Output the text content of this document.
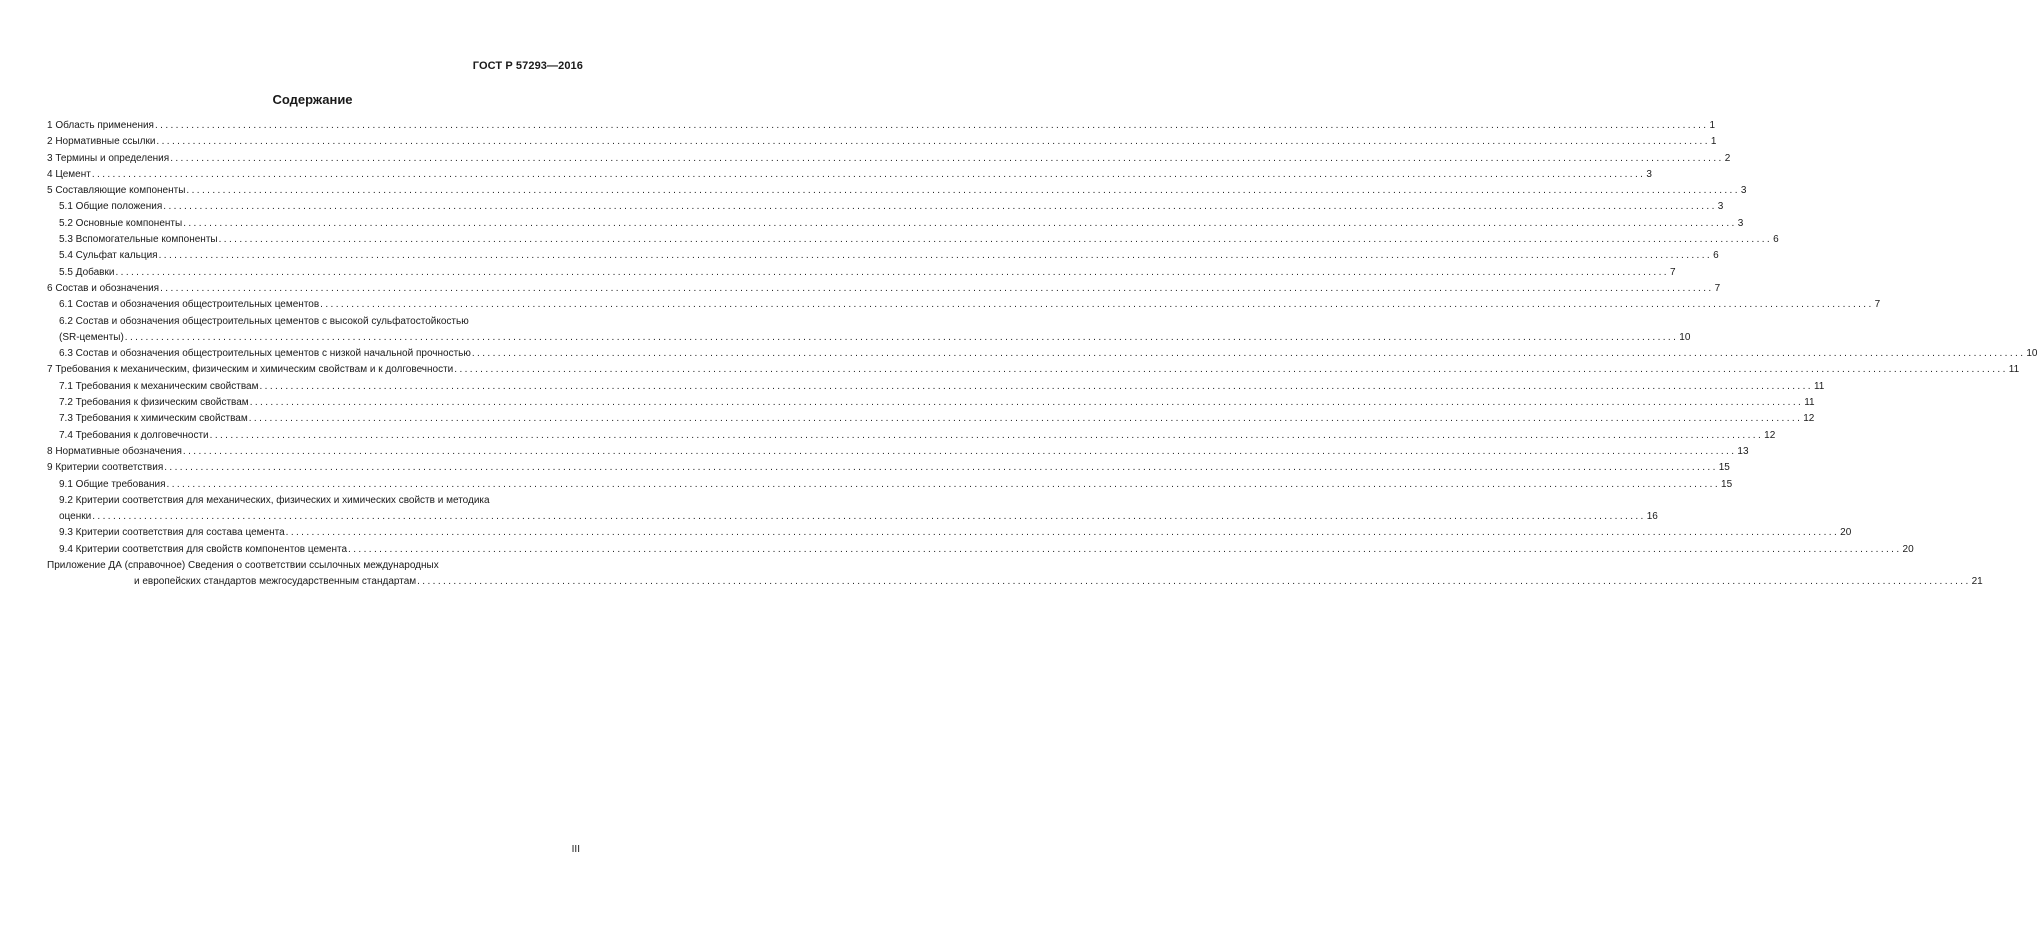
ГОСТ Р 57293—2016
Содержание
1 Область применения ............................................................................................................................................................................................................................................................................................................ 1
2 Нормативные ссылки ............................................................................................................................................................................................................................................................................................................ 1
3 Термины и определения ............................................................................................................................................................................................................................................................................................................ 2
4 Цемент ............................................................................................................................................................................................................................................................................................................ 3
5 Составляющие компоненты ............................................................................................................................................................................................................................................................................................................ 3
5.1 Общие положения ............................................................................................................................................................................................................................................................................................................ 3
5.2 Основные компоненты ............................................................................................................................................................................................................................................................................................................ 3
5.3 Вспомогательные компоненты ............................................................................................................................................................................................................................................................................................................ 6
5.4 Сульфат кальция ............................................................................................................................................................................................................................................................................................................ 6
5.5 Добавки ............................................................................................................................................................................................................................................................................................................ 7
6 Состав и обозначения ............................................................................................................................................................................................................................................................................................................ 7
6.1 Состав и обозначения общестроительных цементов ............................................................................................................................................................................................................................................................................................................ 7
6.2 Состав и обозначения общестроительных цементов с высокой сульфатостойкостью
(SR-цементы) ............................................................................................................................................................................................................................................................................................................ 10
6.3 Состав и обозначения общестроительных цементов с низкой начальной прочностью ............................................................................................................................................................................................................................................................................................................ 10
7 Требования к механическим, физическим и химическим свойствам и к долговечности ............................................................................................................................................................................................................................................................................................................ 11
7.1 Требования к механическим свойствам ............................................................................................................................................................................................................................................................................................................ 11
7.2 Требования к физическим свойствам ............................................................................................................................................................................................................................................................................................................ 11
7.3 Требования к химическим свойствам ............................................................................................................................................................................................................................................................................................................ 12
7.4 Требования к долговечности ............................................................................................................................................................................................................................................................................................................ 12
8 Нормативные обозначения ............................................................................................................................................................................................................................................................................................................ 13
9 Критерии соответствия ............................................................................................................................................................................................................................................................................................................ 15
9.1 Общие требования ............................................................................................................................................................................................................................................................................................................ 15
9.2 Критерии соответствия для механических, физических и химических свойств и методика
оценки ............................................................................................................................................................................................................................................................................................................ 16
9.3 Критерии соответствия для состава цемента ............................................................................................................................................................................................................................................................................................................ 20
9.4 Критерии соответствия для свойств компонентов цемента ............................................................................................................................................................................................................................................................................................................ 20
Приложение ДА (справочное) Сведения о соответствии ссылочных международных
и европейских стандартов межгосударственным стандартам ............................................................................................................................................................................................................................................................................................................ 21
III
